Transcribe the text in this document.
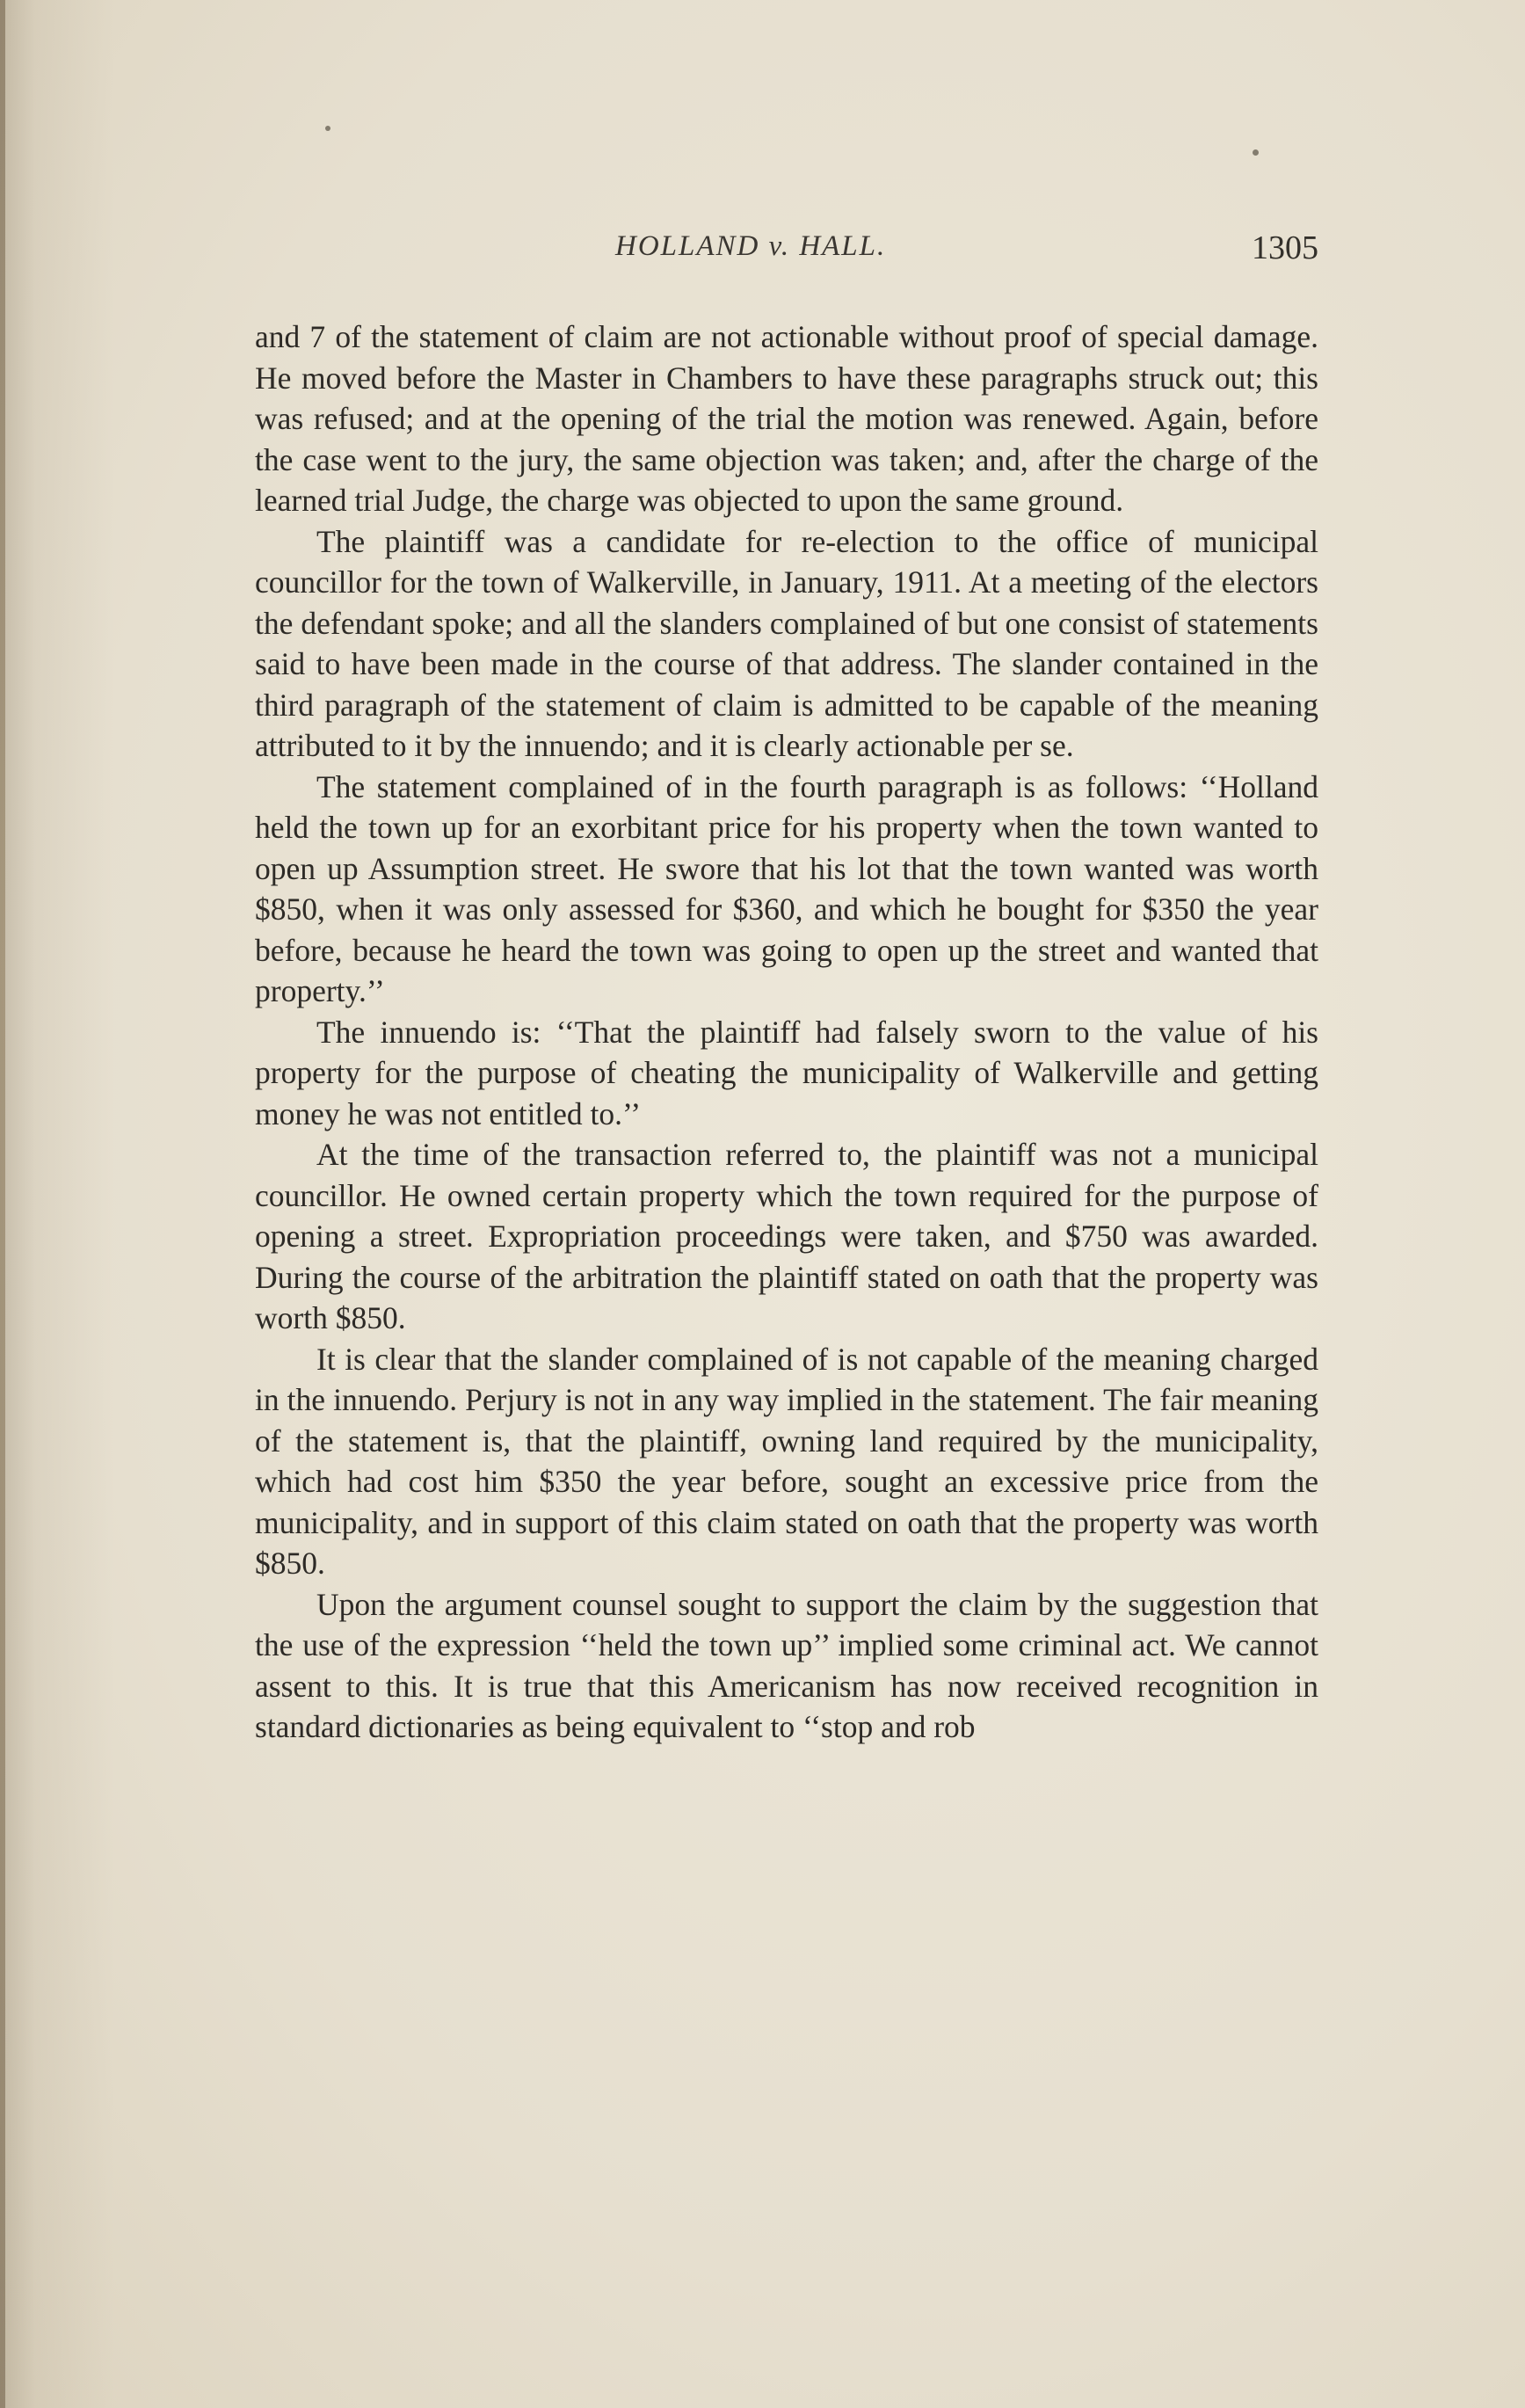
HOLLAND v. HALL.	1305

and 7 of the statement of claim are not actionable without proof of special damage. He moved before the Master in Chambers to have these paragraphs struck out; this was refused; and at the opening of the trial the motion was renewed. Again, before the case went to the jury, the same objection was taken; and, after the charge of the learned trial Judge, the charge was objected to upon the same ground.

The plaintiff was a candidate for re-election to the office of municipal councillor for the town of Walkerville, in January, 1911. At a meeting of the electors the defendant spoke; and all the slanders complained of but one consist of statements said to have been made in the course of that address. The slander contained in the third paragraph of the statement of claim is admitted to be capable of the meaning attributed to it by the innuendo; and it is clearly actionable per se.

The statement complained of in the fourth paragraph is as follows: ‘‘Holland held the town up for an exorbitant price for his property when the town wanted to open up Assumption street. He swore that his lot that the town wanted was worth $850, when it was only assessed for $360, and which he bought for $350 the year before, because he heard the town was going to open up the street and wanted that property.’’

The innuendo is: ‘‘That the plaintiff had falsely sworn to the value of his property for the purpose of cheating the municipality of Walkerville and getting money he was not entitled to.’’

At the time of the transaction referred to, the plaintiff was not a municipal councillor. He owned certain property which the town required for the purpose of opening a street. Expropriation proceedings were taken, and $750 was awarded. During the course of the arbitration the plaintiff stated on oath that the property was worth $850.

It is clear that the slander complained of is not capable of the meaning charged in the innuendo. Perjury is not in any way implied in the statement. The fair meaning of the statement is, that the plaintiff, owning land required by the municipality, which had cost him $350 the year before, sought an excessive price from the municipality, and in support of this claim stated on oath that the property was worth $850.

Upon the argument counsel sought to support the claim by the suggestion that the use of the expression ‘‘held the town up’’ implied some criminal act. We cannot assent to this. It is true that this Americanism has now received recognition in standard dictionaries as being equivalent to ‘‘stop and rob
